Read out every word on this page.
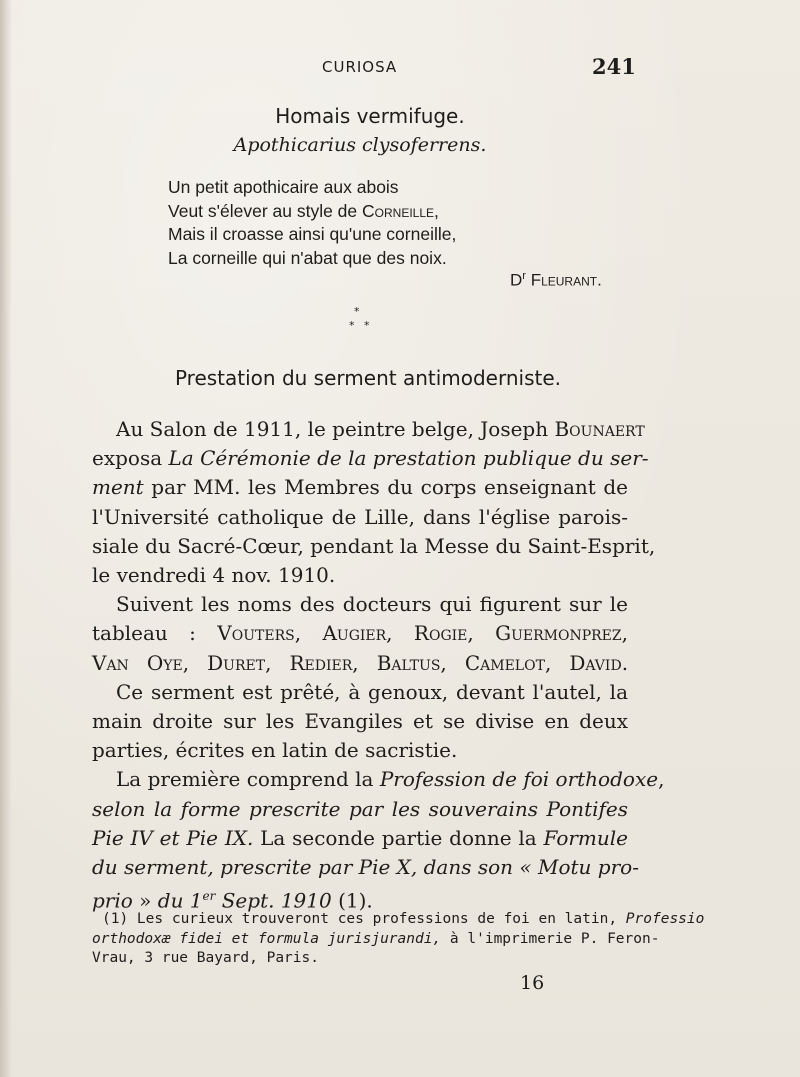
CURIOSA	241
Homais vermifuge.
Apothicarius clysoferrens.
Un petit apothicaire aux abois
Veut s'élever au style de Corneille,
Mais il croasse ainsi qu'une corneille,
La corneille qui n'abat que des noix.
$D^r$ Fleurant.
*
* *
Prestation du serment antimoderniste.
Au Salon de 1911, le peintre belge, Joseph Bounaert
exposa La Cérémonie de la prestation publique du ser-
ment par MM. les Membres du corps enseignant de
l'Université catholique de Lille, dans l'église parois-
siale du Sacré-Cœur, pendant la Messe du Saint-Esprit,
le vendredi 4 nov. 1910.
Suivent les noms des docteurs qui figurent sur le
tableau : Vouters, Augier, Rogie, Guermonprez,
Van Oye, Duret, Redier, Baltus, Camelot, David.
Ce serment est prêté, à genoux, devant l'autel, la
main droite sur les Evangiles et se divise en deux
parties, écrites en latin de sacristie.
La première comprend la Profession de foi orthodoxe,
selon la forme prescrite par les souverains Pontifes
Pie IV et Pie IX. La seconde partie donne la Formule
du serment, prescrite par Pie X, dans son « Motu pro-
prio » du 1er Sept. 1910 (1).
(1) Les curieux trouveront ces professions de foi en latin, Professio
orthodoxæ fidei et formula jurisjurandi, à l'imprimerie P. Feron-
Vrau, 3 rue Bayard, Paris.
16
